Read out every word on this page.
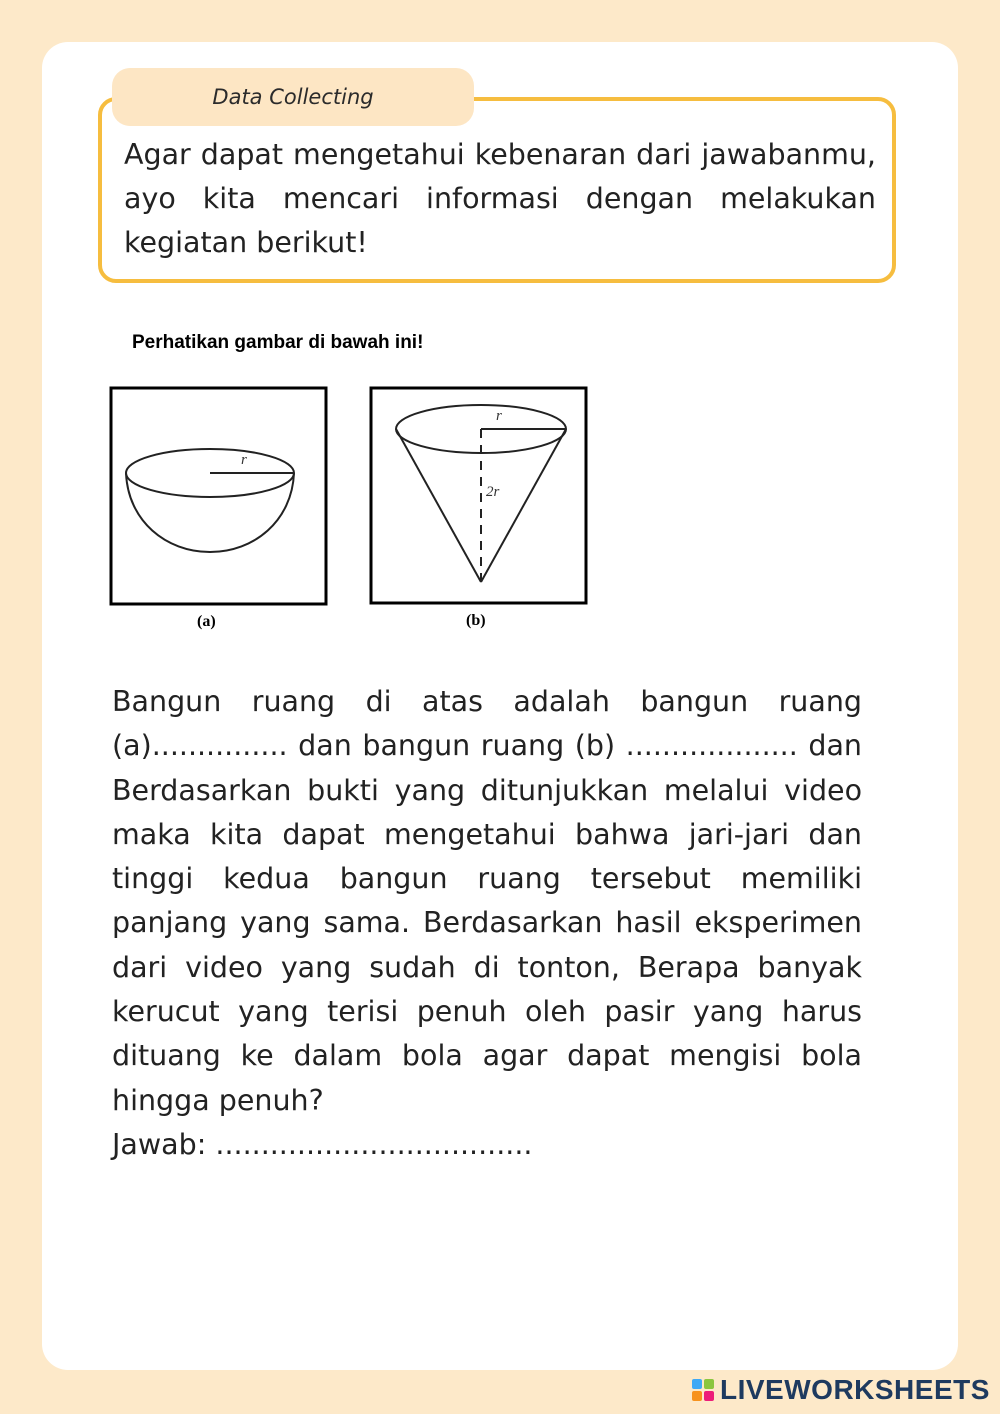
Data Collecting
Agar dapat mengetahui kebenaran dari jawabanmu, ayo kita mencari informasi dengan melakukan kegiatan berikut!
r
r
2r
Perhatikan gambar di bawah ini!
(a)	(b)

Bangun ruang di atas adalah bangun ruang (a)............... dan bangun ruang (b) ................... dan Berdasarkan bukti yang ditunjukkan melalui video maka kita dapat mengetahui bahwa jari-jari dan tinggi kedua bangun ruang tersebut memiliki panjang yang sama. Berdasarkan hasil eksperimen dari video yang sudah di tonton, Berapa banyak kerucut yang terisi penuh oleh pasir yang harus dituang ke dalam bola agar dapat mengisi bola hingga penuh?

Jawab: ...................................

LIVEWORKSHEETS
